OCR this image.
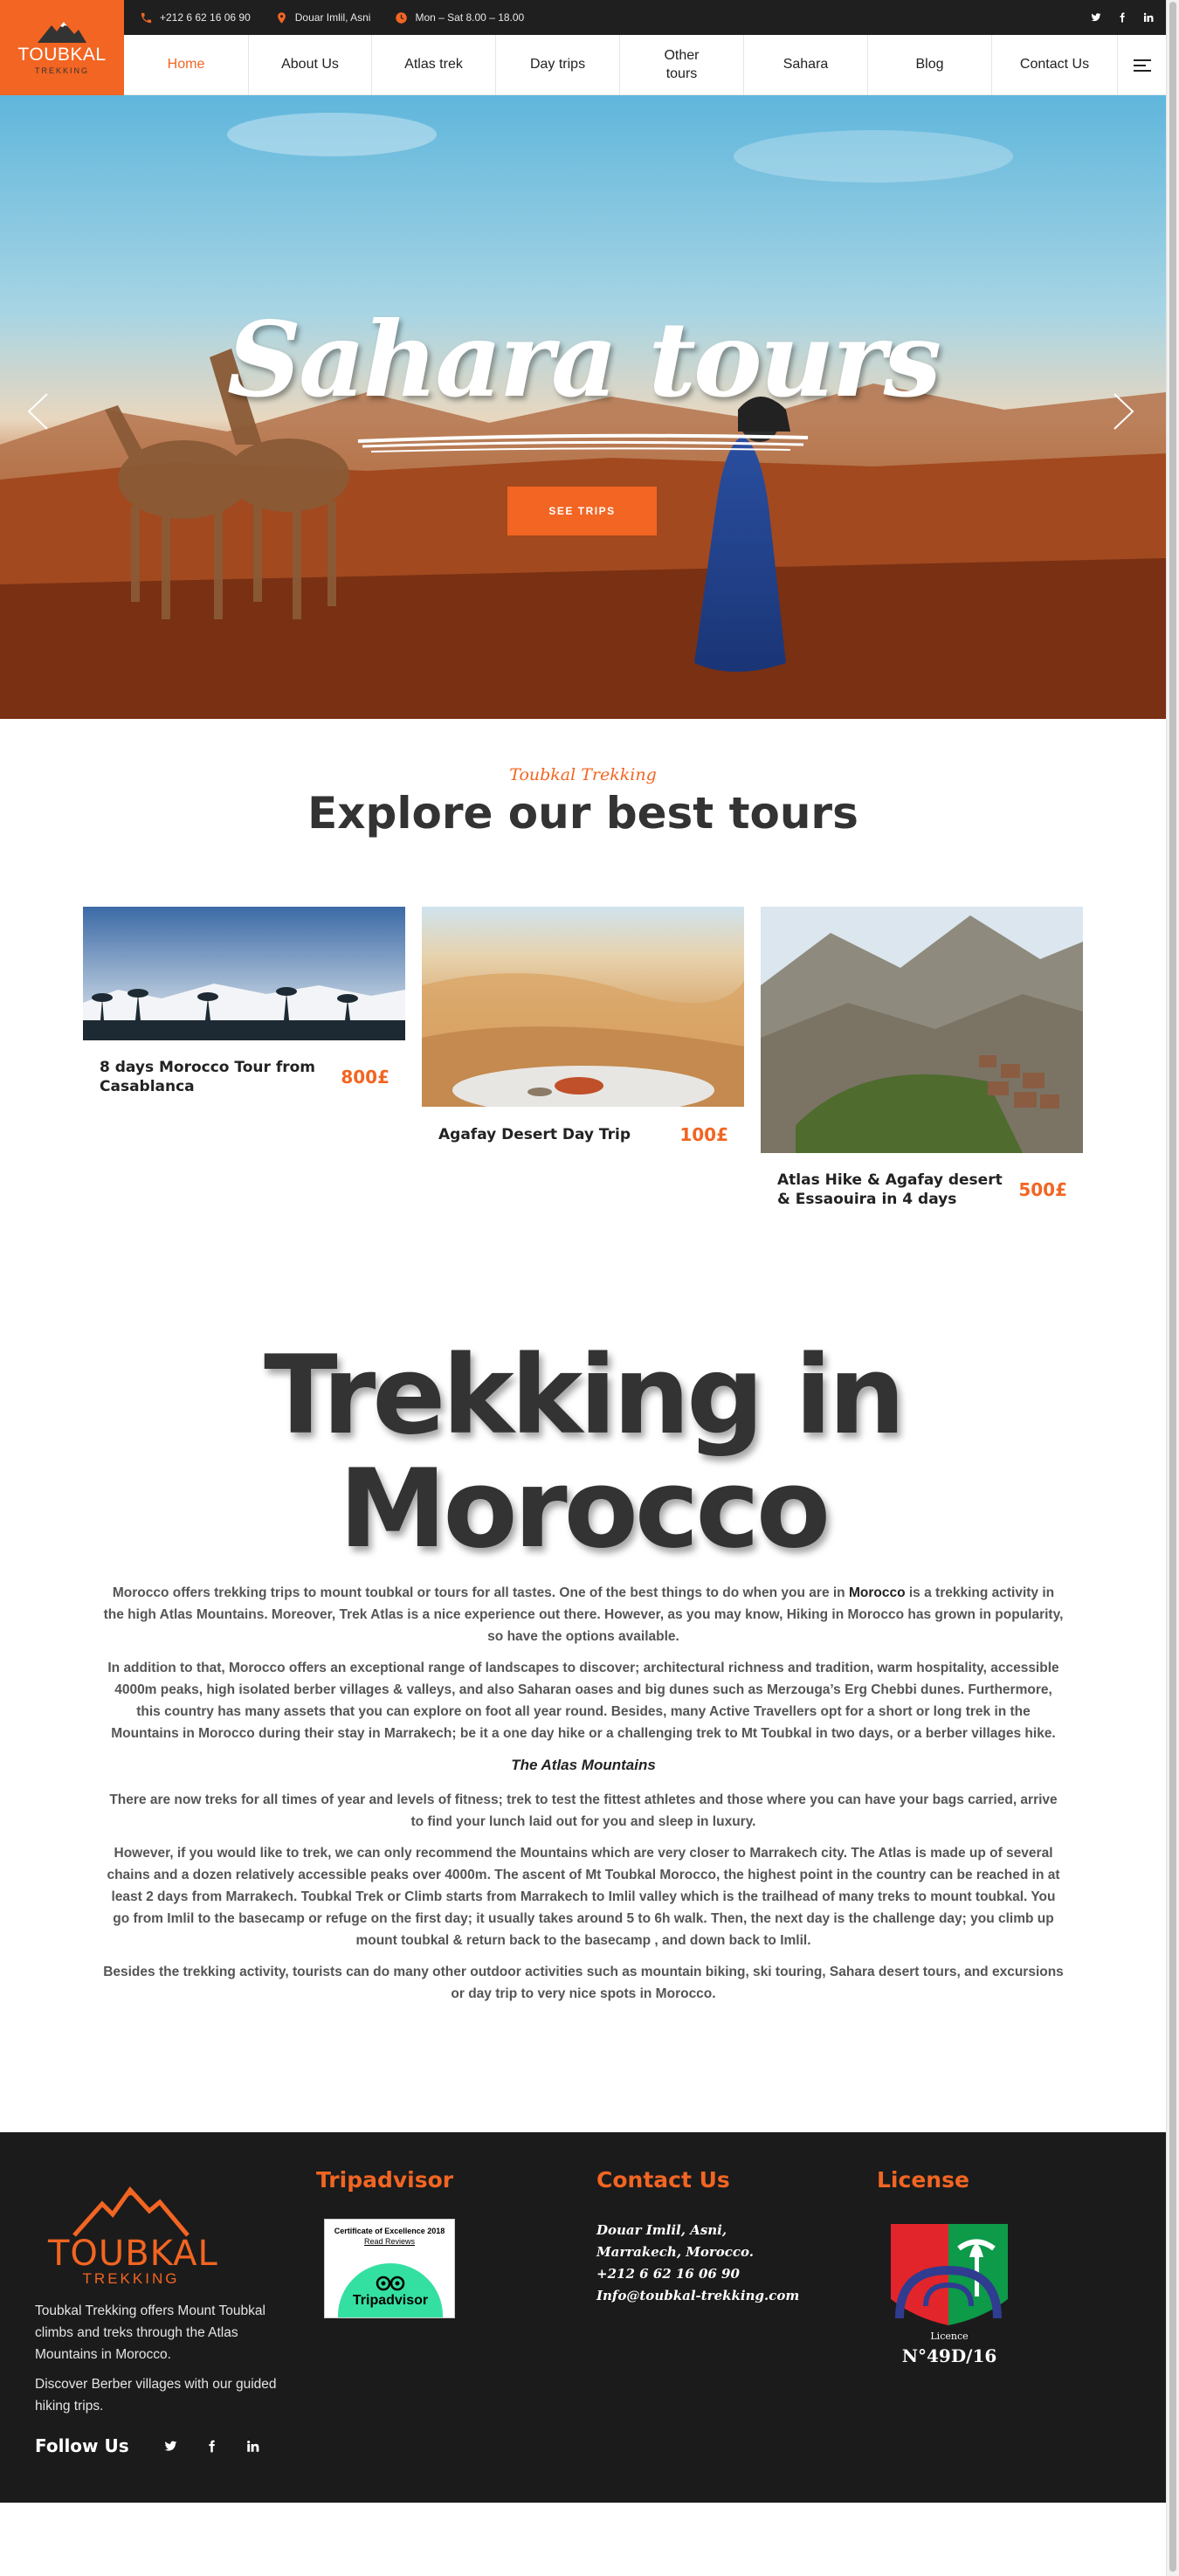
+212 6 62 16 06 90	Douar Imlil, Asni	Mon – Sat 8.00 – 18.00
TOUBKAL
TREKKING	Home	About Us	Atlas trek	Day trips
Other tours
Sahara	Blog	Contact Us
Sahara tours
SEE TRIPS
Toubkal Trekking
Explore our best tours
8 days Morocco Tour from Casablanca	800£
Agafay Desert Day Trip	100£
Atlas Hike & Agafay desert & Essaouira in 4 days	500£
Trekking in
Morocco

Morocco offers trekking trips to mount toubkal or tours for all tastes. One of the best things to do when you are in Morocco is a trekking activity in the high Atlas Mountains. Moreover, Trek Atlas is a nice experience out there. However, as you may know, Hiking in Morocco has grown in popularity, so have the options available.

In addition to that, Morocco offers an exceptional range of landscapes to discover; architectural richness and tradition, warm hospitality, accessible 4000m peaks, high isolated berber villages & valleys, and also Saharan oases and big dunes such as Merzouga’s Erg Chebbi dunes. Furthermore, this country has many assets that you can explore on foot all year round. Besides, many Active Travellers opt for a short or long trek in the Mountains in Morocco during their stay in Marrakech; be it a one day hike or a challenging trek to Mt Toubkal in two days, or a berber villages hike.

The Atlas Mountains

There are now treks for all times of year and levels of fitness; trek to test the fittest athletes and those where you can have your bags carried, arrive to find your lunch laid out for you and sleep in luxury.

However, if you would like to trek, we can only recommend the Mountains which are very closer to Marrakech city. The Atlas is made up of several chains and a dozen relatively accessible peaks over 4000m. The ascent of Mt Toubkal Morocco, the highest point in the country can be reached in at least 2 days from Marrakech. Toubkal Trek or Climb starts from Marrakech to Imlil valley which is the trailhead of many treks to mount toubkal. You go from Imlil to the basecamp or refuge on the first day; it usually takes around 5 to 6h walk. Then, the next day is the challenge day; you climb up mount toubkal & return back to the basecamp , and down back to Imlil.

Besides the trekking activity, tourists can do many other outdoor activities such as mountain biking, ski touring, Sahara desert tours, and excursions or day trip to very nice spots in Morocco.

TOUBKAL
TREKKING
Toubkal Trekking offers Mount Toubkal climbs and treks through the Atlas Mountains in Morocco.
Discover Berber villages with our guided hiking trips.
Follow Us
Tripadvisor
Certificate of Excellence 2018
Read Reviews
Tripadvisor
Contact Us
Douar Imlil, Asni,
Marrakech, Morocco.
+212 6 62 16 06 90
Info@toubkal-trekking.com
License
Licence
N°49D/16
